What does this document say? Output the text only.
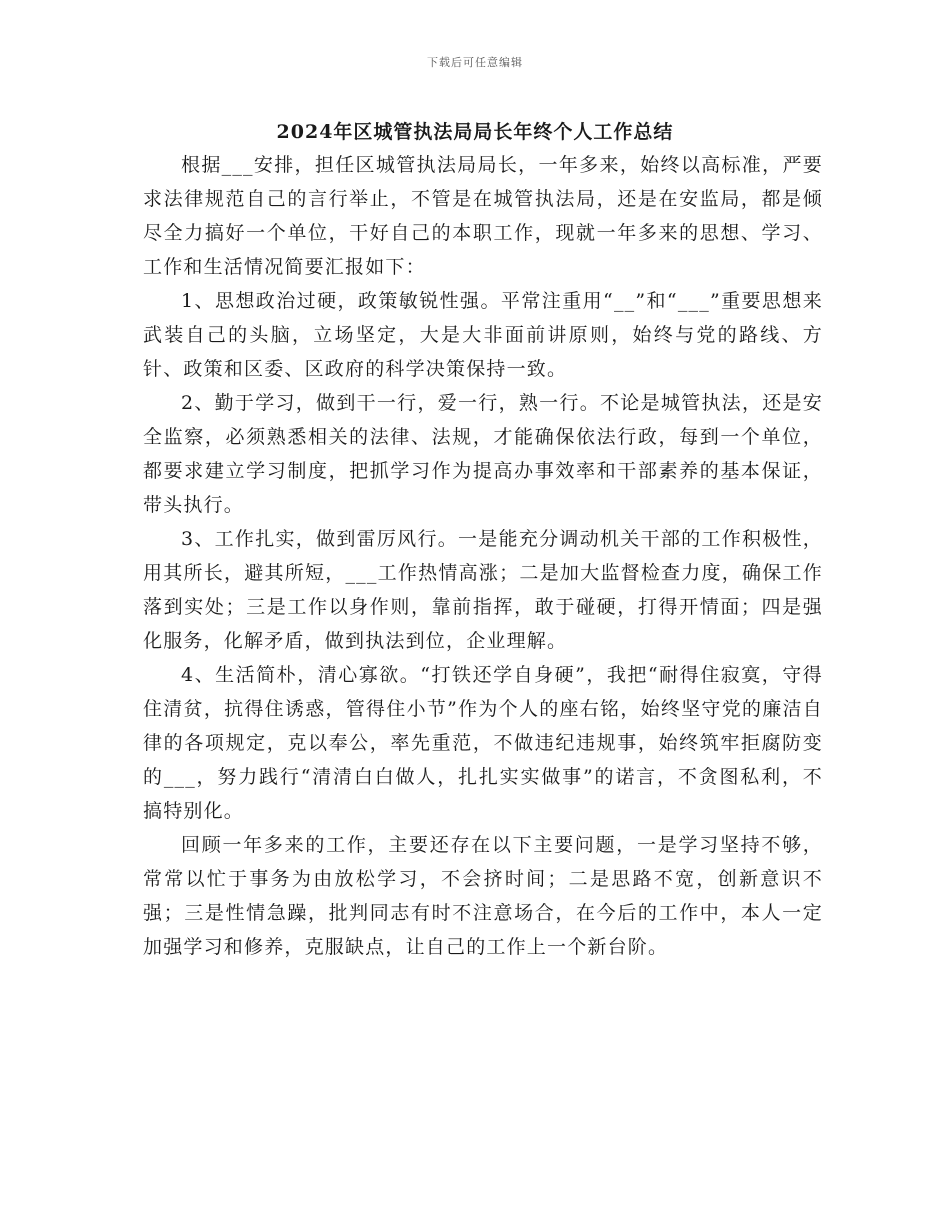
下载后可任意编辑
2024年区城管执法局局长年终个人工作总结

根据___安排，担任区城管执法局局长，一年多来，始终以高标准，严要求法律规范自己的言行举止，不管是在城管执法局，还是在安监局，都是倾尽全力搞好一个单位，干好自己的本职工作，现就一年多来的思想、学习、工作和生活情况简要汇报如下：

1、思想政治过硬，政策敏锐性强。平常注重用“__”和“___”重要思想来武装自己的头脑，立场坚定，大是大非面前讲原则，始终与党的路线、方针、政策和区委、区政府的科学决策保持一致。

2、勤于学习，做到干一行，爱一行，熟一行。不论是城管执法，还是安全监察，必须熟悉相关的法律、法规，才能确保依法行政，每到一个单位，都要求建立学习制度，把抓学习作为提高办事效率和干部素养的基本保证，带头执行。

3、工作扎实，做到雷厉风行。一是能充分调动机关干部的工作积极性，用其所长，避其所短，___工作热情高涨；二是加大监督检查力度，确保工作落到实处；三是工作以身作则，靠前指挥，敢于碰硬，打得开情面；四是强化服务，化解矛盾，做到执法到位，企业理解。

4、生活简朴，清心寡欲。“打铁还学自身硬”，我把“耐得住寂寞，守得住清贫，抗得住诱惑，管得住小节”作为个人的座右铭，始终坚守党的廉洁自律的各项规定，克以奉公，率先重范，不做违纪违规事，始终筑牢拒腐防变的___，努力践行“清清白白做人，扎扎实实做事”的诺言，不贪图私利，不搞特别化。

回顾一年多来的工作，主要还存在以下主要问题，一是学习坚持不够，常常以忙于事务为由放松学习，不会挤时间；二是思路不宽，创新意识不强；三是性情急躁，批判同志有时不注意场合，在今后的工作中，本人一定加强学习和修养，克服缺点，让自己的工作上一个新台阶。
